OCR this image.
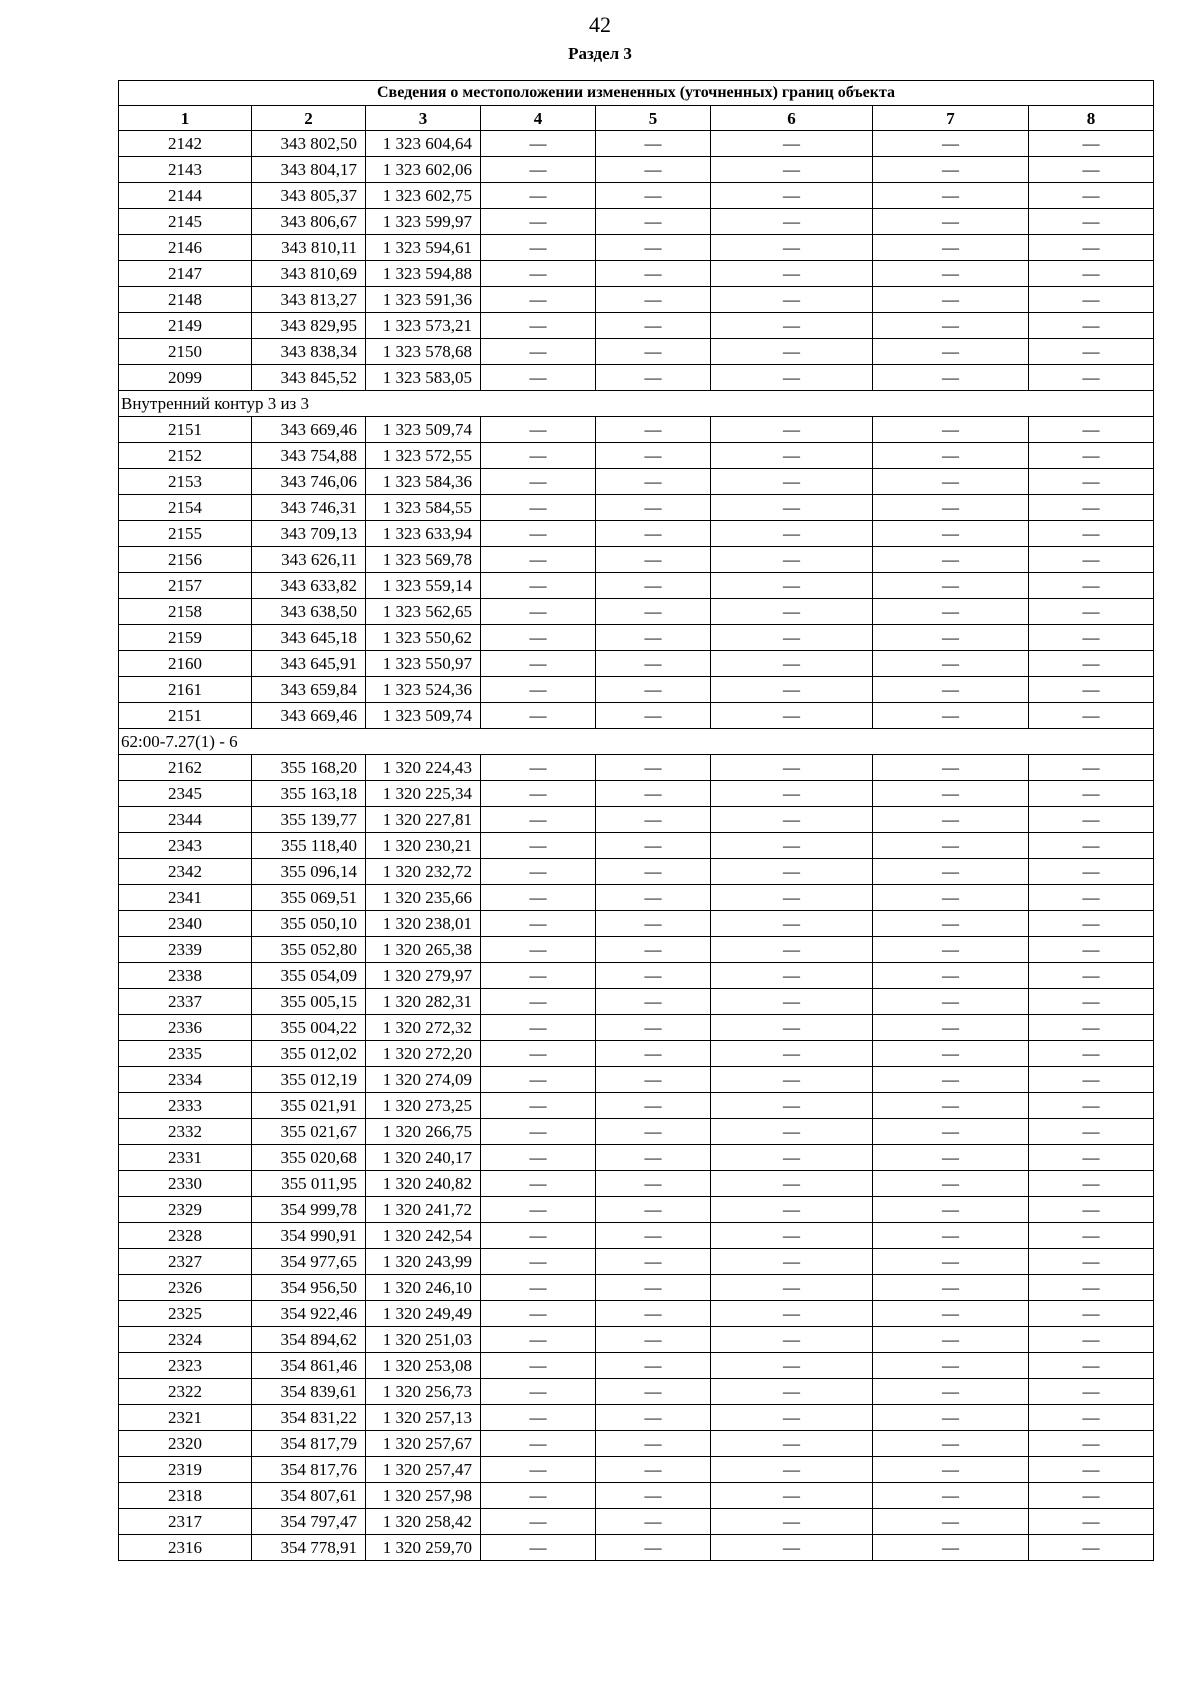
42
Раздел 3
Сведения о местоположении измененных (уточненных) границ объекта							
1	2	3	4	5	6	7	8
2142	343 802,50	1 323 604,64	—	—	—	—	—
2143	343 804,17	1 323 602,06	—	—	—	—	—
2144	343 805,37	1 323 602,75	—	—	—	—	—
2145	343 806,67	1 323 599,97	—	—	—	—	—
2146	343 810,11	1 323 594,61	—	—	—	—	—
2147	343 810,69	1 323 594,88	—	—	—	—	—
2148	343 813,27	1 323 591,36	—	—	—	—	—
2149	343 829,95	1 323 573,21	—	—	—	—	—
2150	343 838,34	1 323 578,68	—	—	—	—	—
2099	343 845,52	1 323 583,05	—	—	—	—	—
Внутренний контур 3 из 3							
2151	343 669,46	1 323 509,74	—	—	—	—	—
2152	343 754,88	1 323 572,55	—	—	—	—	—
2153	343 746,06	1 323 584,36	—	—	—	—	—
2154	343 746,31	1 323 584,55	—	—	—	—	—
2155	343 709,13	1 323 633,94	—	—	—	—	—
2156	343 626,11	1 323 569,78	—	—	—	—	—
2157	343 633,82	1 323 559,14	—	—	—	—	—
2158	343 638,50	1 323 562,65	—	—	—	—	—
2159	343 645,18	1 323 550,62	—	—	—	—	—
2160	343 645,91	1 323 550,97	—	—	—	—	—
2161	343 659,84	1 323 524,36	—	—	—	—	—
2151	343 669,46	1 323 509,74	—	—	—	—	—
62:00-7.27(1) - 6							
2162	355 168,20	1 320 224,43	—	—	—	—	—
2345	355 163,18	1 320 225,34	—	—	—	—	—
2344	355 139,77	1 320 227,81	—	—	—	—	—
2343	355 118,40	1 320 230,21	—	—	—	—	—
2342	355 096,14	1 320 232,72	—	—	—	—	—
2341	355 069,51	1 320 235,66	—	—	—	—	—
2340	355 050,10	1 320 238,01	—	—	—	—	—
2339	355 052,80	1 320 265,38	—	—	—	—	—
2338	355 054,09	1 320 279,97	—	—	—	—	—
2337	355 005,15	1 320 282,31	—	—	—	—	—
2336	355 004,22	1 320 272,32	—	—	—	—	—
2335	355 012,02	1 320 272,20	—	—	—	—	—
2334	355 012,19	1 320 274,09	—	—	—	—	—
2333	355 021,91	1 320 273,25	—	—	—	—	—
2332	355 021,67	1 320 266,75	—	—	—	—	—
2331	355 020,68	1 320 240,17	—	—	—	—	—
2330	355 011,95	1 320 240,82	—	—	—	—	—
2329	354 999,78	1 320 241,72	—	—	—	—	—
2328	354 990,91	1 320 242,54	—	—	—	—	—
2327	354 977,65	1 320 243,99	—	—	—	—	—
2326	354 956,50	1 320 246,10	—	—	—	—	—
2325	354 922,46	1 320 249,49	—	—	—	—	—
2324	354 894,62	1 320 251,03	—	—	—	—	—
2323	354 861,46	1 320 253,08	—	—	—	—	—
2322	354 839,61	1 320 256,73	—	—	—	—	—
2321	354 831,22	1 320 257,13	—	—	—	—	—
2320	354 817,79	1 320 257,67	—	—	—	—	—
2319	354 817,76	1 320 257,47	—	—	—	—	—
2318	354 807,61	1 320 257,98	—	—	—	—	—
2317	354 797,47	1 320 258,42	—	—	—	—	—
2316	354 778,91	1 320 259,70	—	—	—	—	—
